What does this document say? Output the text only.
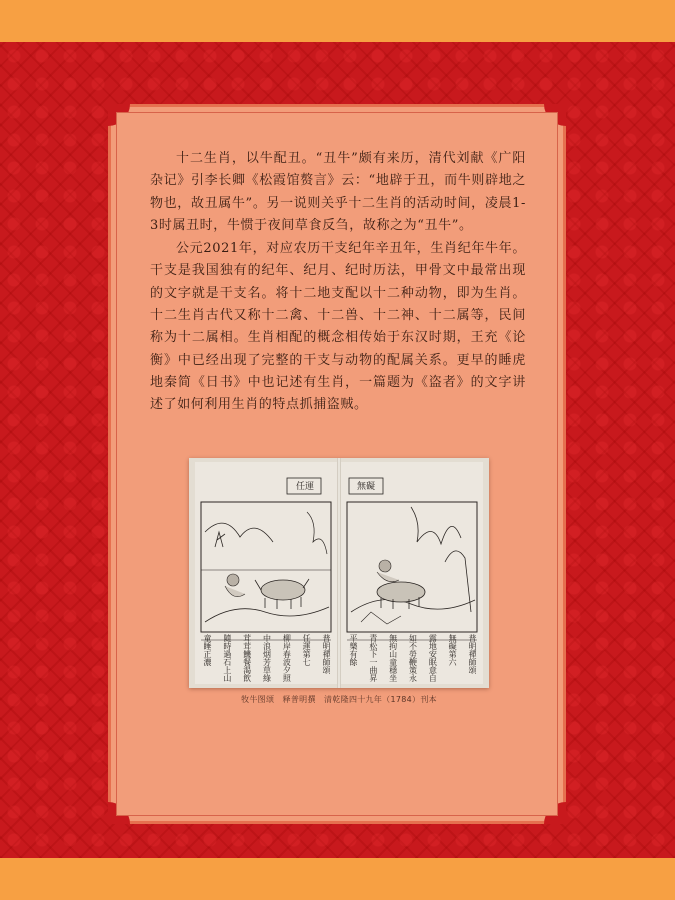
十二生肖，以牛配丑。“丑牛”颇有来历，清代刘献《广阳杂记》引李长卿《松霞馆赘言》云：“地辟于丑，而牛则辟地之物也，故丑属牛”。另一说则关乎十二生肖的活动时间，凌晨1-3时属丑时，牛惯于夜间草食反刍，故称之为“丑牛”。

公元2021年，对应农历干支纪年辛丑年，生肖纪年牛年。干支是我国独有的纪年、纪月、纪时历法，甲骨文中最常出现的文字就是干支名。将十二地支配以十二种动物，即为生肖。十二生肖古代又称十二禽、十二兽、十二神、十二属等，民间称为十二属相。生肖相配的概念相传始于东汉时期，王充《论衡》中已经出现了完整的干支与动物的配属关系。更早的睡虎地秦简《日书》中也记述有生肖，一篇题为《盗者》的文字讲述了如何利用生肖的特点抓捕盗贼。

任運
普明禪師頌
任運第七
柳岸春波夕照
中浪烟芳草綠
茸茸饑餐渴飲
隨時過石上山
童睡正濃
無礙
普明禪師頌
無礙第六
露地安眠意自
如不勞鞭策永
無拘山童穩坐
青松下一曲昇
平樂有餘
牧牛图颂　释普明撰　清乾隆四十九年（1784）刊本
